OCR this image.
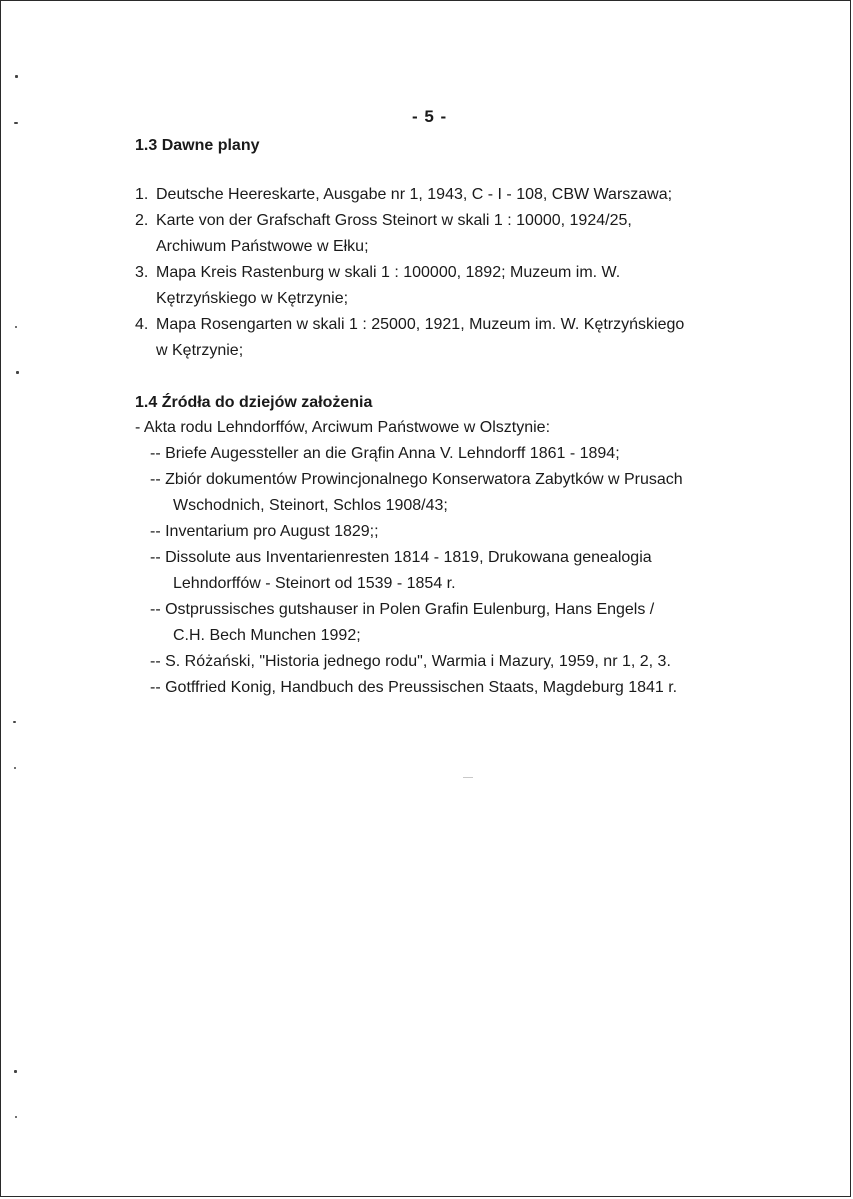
- 5 -
1.3 Dawne plany
1. Deutsche Heereskarte, Ausgabe nr 1, 1943, C - I - 108, CBW Warszawa;
2. Karte von der Grafschaft Gross Steinort w skali 1 : 10000, 1924/25,
Archiwum Państwowe w Ełku;
3. Mapa Kreis Rastenburg w skali 1 : 100000, 1892; Muzeum im. W.
Kętrzyńskiego w Kętrzynie;
4. Mapa Rosengarten w skali 1 : 25000, 1921, Muzeum im. W. Kętrzyńskiego
w Kętrzynie;
1.4 Źródła do dziejów założenia
- Akta rodu Lehndorffów, Arciwum Państwowe w Olsztynie:
-- Briefe Augessteller an die Grąfin Anna V. Lehndorff 1861 - 1894;
-- Zbiór dokumentów Prowincjonalnego Konserwatora Zabytków w Prusach
Wschodnich, Steinort, Schlos 1908/43;
-- Inventarium pro August 1829;;
-- Dissolute aus Inventarienresten 1814 - 1819, Drukowana genealogia
Lehndorffów - Steinort od 1539 - 1854 r.
-- Ostprussisches gutshauser in Polen Grafin Eulenburg, Hans Engels /
C.H. Bech Munchen 1992;
-- S. Różański, "Historia jednego rodu", Warmia i Mazury, 1959, nr 1, 2, 3.
-- Gotffried Konig, Handbuch des Preussischen Staats, Magdeburg 1841 r.
